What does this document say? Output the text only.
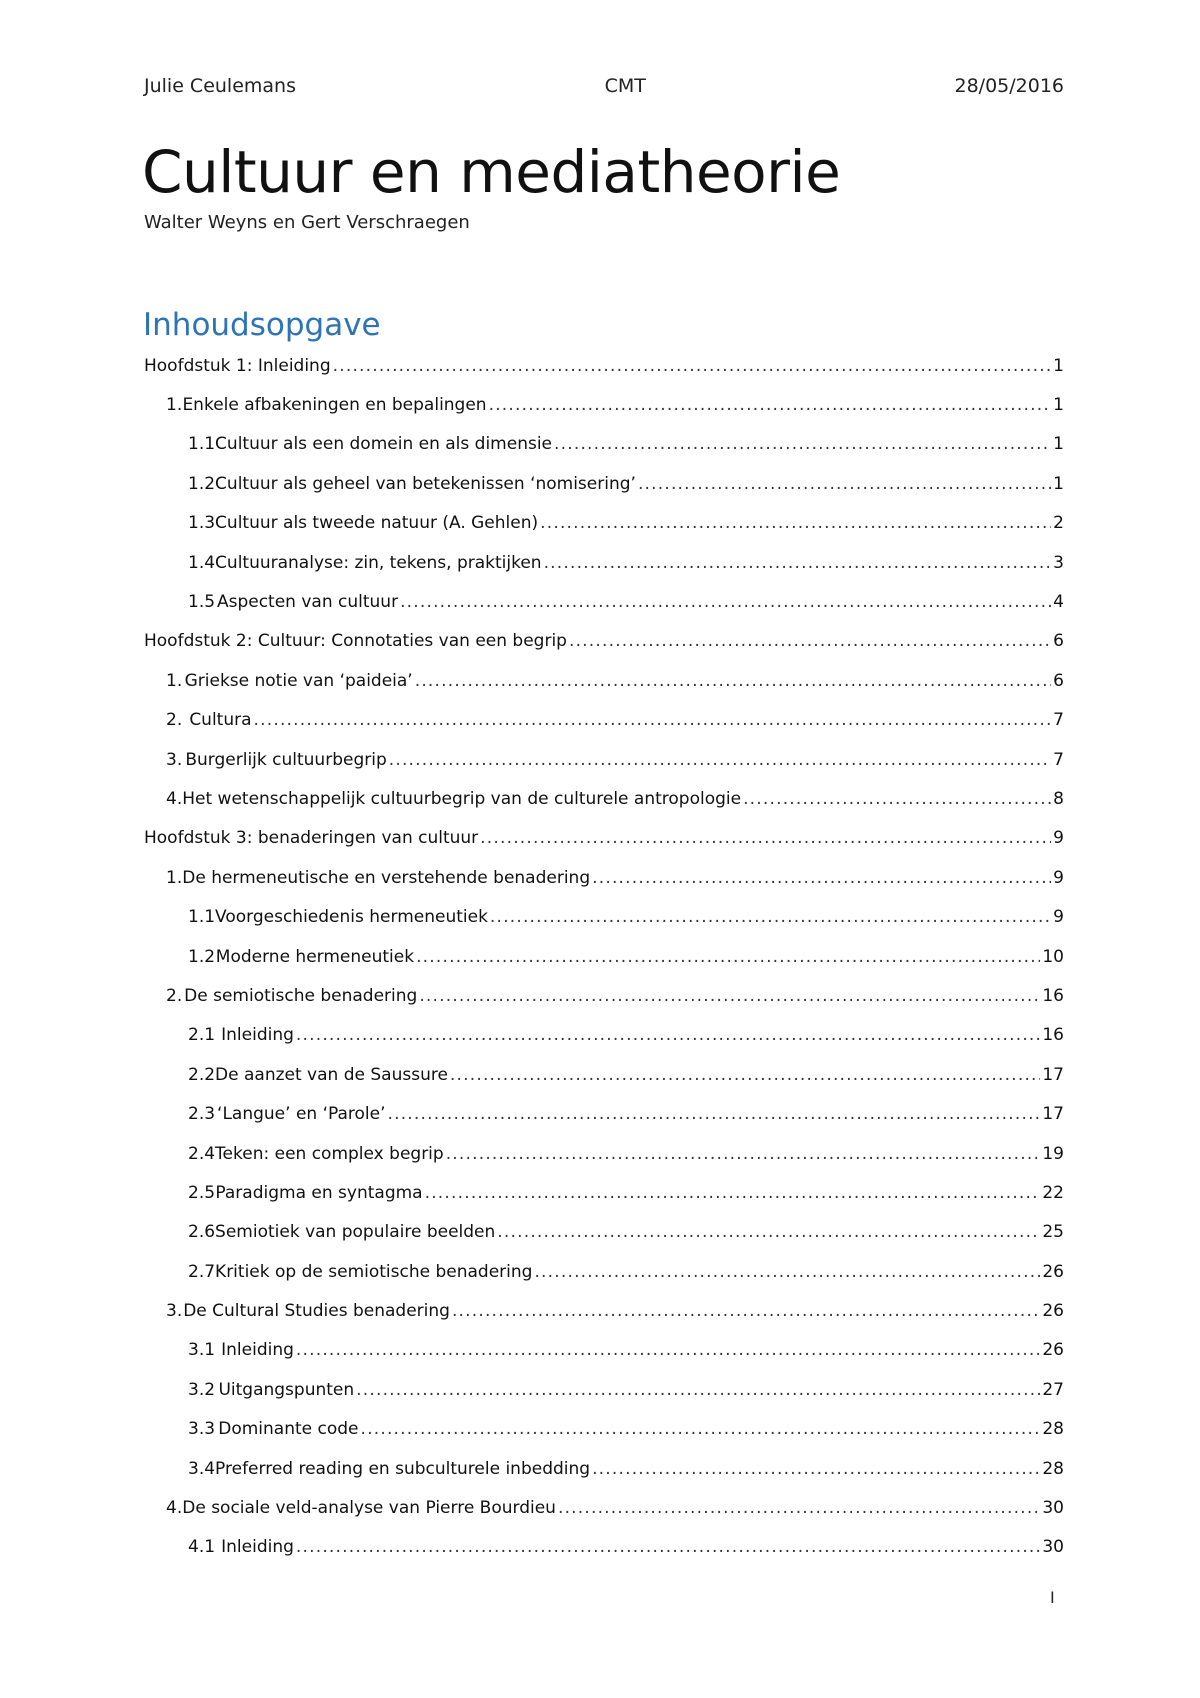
Julie Ceulemans	CMT	28/05/2016
Cultuur en mediatheorie
Walter Weyns en Gert Verschraegen
Inhoudsopgave
Hoofdstuk 1: Inleiding .....	1
1. Enkele afbakeningen en bepalingen .....	1
1.1 Cultuur als een domein en als dimensie .....	1
1.2 Cultuur als geheel van betekenissen ‘nomisering’ .....	1
1.3 Cultuur als tweede natuur (A. Gehlen) .....	2
1.4 Cultuuranalyse: zin, tekens, praktijken .....	3
1.5 Aspecten van cultuur .....	4
Hoofdstuk 2: Cultuur: Connotaties van een begrip .....	6
1. Griekse notie van ‘paideia’ .....	6
2. Cultura .....	7
3. Burgerlijk cultuurbegrip .....	7
4. Het wetenschappelijk cultuurbegrip van de culturele antropologie .....	8
Hoofdstuk 3: benaderingen van cultuur .....	9
1. De hermeneutische en verstehende benadering .....	9
1.1 Voorgeschiedenis hermeneutiek .....	9
1.2 Moderne hermeneutiek .....	10
2. De semiotische benadering .....	16
2.1 Inleiding .....	16
2.2 De aanzet van de Saussure .....	17
2.3 ‘Langue’ en ‘Parole’ .....	17
2.4 Teken: een complex begrip .....	19
2.5 Paradigma en syntagma .....	22
2.6 Semiotiek van populaire beelden .....	25
2.7 Kritiek op de semiotische benadering .....	26
3. De Cultural Studies benadering .....	26
3.1 Inleiding .....	26
3.2 Uitgangspunten .....	27
3.3 Dominante code .....	28
3.4 Preferred reading en subculturele inbedding .....	28
4. De sociale veld-analyse van Pierre Bourdieu .....	30
4.1 Inleiding .....	30
I
